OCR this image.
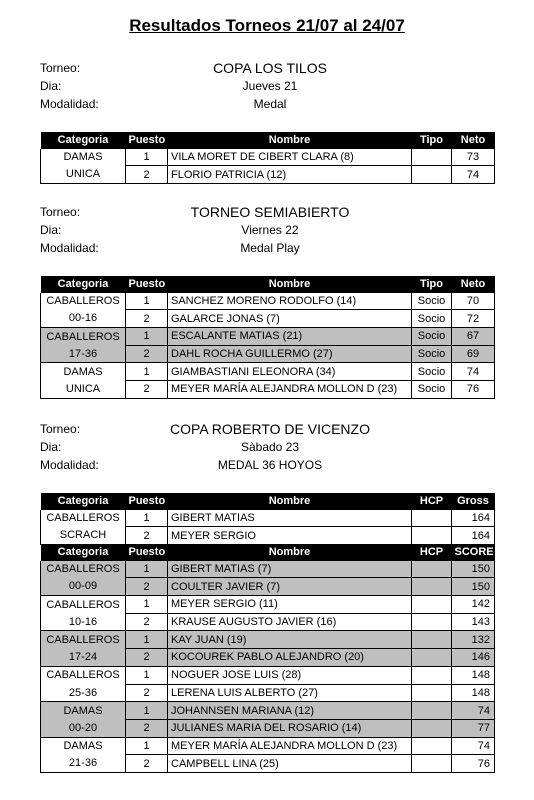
Resultados Torneos 21/07 al 24/07
Torneo:	COPA LOS TILOS
Dia:	Jueves 21
Modalidad:	Medal
Categoria	Puesto	Nombre	Tipo	Neto
DAMAS	1	VILA MORET DE CIBERT CLARA (8)		73
UNICA	2	FLORIO PATRICIA (12)		74
Torneo:	TORNEO SEMIABIERTO
Dia:	Viernes 22
Modalidad:	Medal Play
Categoria	Puesto	Nombre	Tipo	Neto
CABALLEROS	1	SANCHEZ MORENO RODOLFO (14)	Socio	70
00-16	2	GALARCE JONAS (7)	Socio	72
CABALLEROS	1	ESCALANTE MATIAS (21)	Socio	67
17-36	2	DAHL ROCHA GUILLERMO (27)	Socio	69
DAMAS	1	GIAMBASTIANI ELEONORA (34)	Socio	74
UNICA	2	MEYER MARÍA ALEJANDRA MOLLON D (23)	Socio	76
Torneo:	COPA ROBERTO DE VICENZO
Dia:	Sàbado 23
Modalidad:	MEDAL 36 HOYOS
Categoria	Puesto	Nombre	HCP	Gross
CABALLEROS	1	GIBERT MATIAS		164
SCRACH	2	MEYER SERGIO		164
Categoria	Puesto	Nombre	HCP	SCORE
CABALLEROS	1	GIBERT MATIAS (7)		150
00-09	2	COULTER JAVIER (7)		150
CABALLEROS	1	MEYER SERGIO (11)		142
10-16	2	KRAUSE AUGUSTO JAVIER (16)		143
CABALLEROS	1	KAY JUAN (19)		132
17-24	2	KOCOUREK PABLO ALEJANDRO (20)		146
CABALLEROS	1	NOGUER JOSE LUIS (28)		148
25-36	2	LERENA LUIS ALBERTO (27)		148
DAMAS	1	JOHANNSEN MARIANA (12)		74
00-20	2	JULIANES MARIA DEL ROSARIO (14)		77
DAMAS	1	MEYER MARÍA ALEJANDRA MOLLON D (23)		74
21-36	2	CAMPBELL LINA (25)		76
